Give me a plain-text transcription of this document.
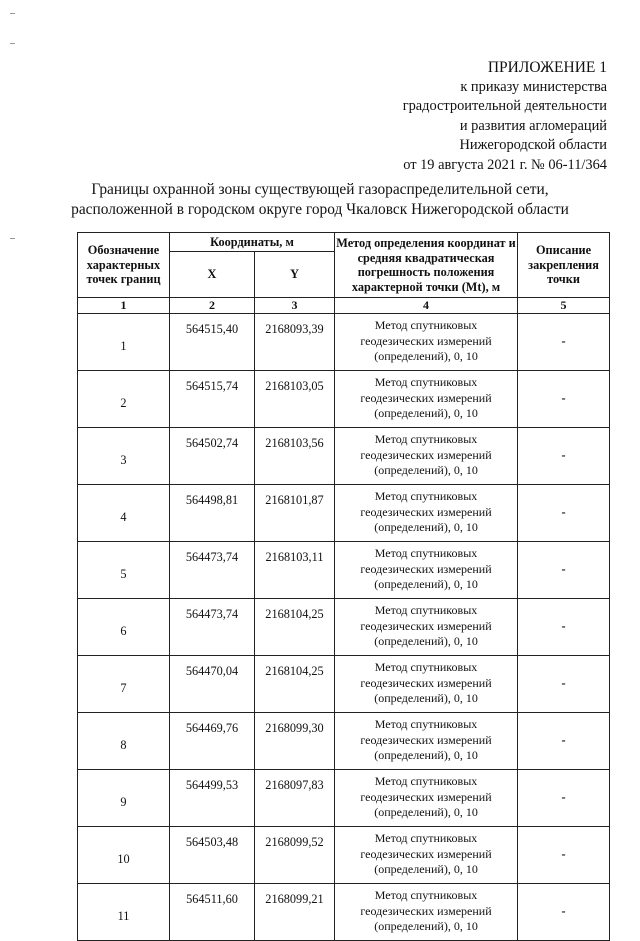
ПРИЛОЖЕНИЕ 1
к приказу министерства
градостроительной деятельности
и развития агломераций
Нижегородской области
от 19 августа 2021 г. № 06-11/364
Границы охранной зоны существующей газораспределительной сети,
расположенной в городском округе город Чкаловск Нижегородской области
Обозначение характерных точек границ	Координаты, м		Метод определения координат и средняя квадратическая погрешность положения характерной точки (Mt), м	Описание закрепления точки
	X	Y		
1	2	3	4	5
1	564515,40	2168093,39	Метод спутниковых
геодезических измерений
(определений), 0, 10	-
2	564515,74	2168103,05	Метод спутниковых
геодезических измерений
(определений), 0, 10	-
3	564502,74	2168103,56	Метод спутниковых
геодезических измерений
(определений), 0, 10	-
4	564498,81	2168101,87	Метод спутниковых
геодезических измерений
(определений), 0, 10	-
5	564473,74	2168103,11	Метод спутниковых
геодезических измерений
(определений), 0, 10	-
6	564473,74	2168104,25	Метод спутниковых
геодезических измерений
(определений), 0, 10	-
7	564470,04	2168104,25	Метод спутниковых
геодезических измерений
(определений), 0, 10	-
8	564469,76	2168099,30	Метод спутниковых
геодезических измерений
(определений), 0, 10	-
9	564499,53	2168097,83	Метод спутниковых
геодезических измерений
(определений), 0, 10	-
10	564503,48	2168099,52	Метод спутниковых
геодезических измерений
(определений), 0, 10	-
11	564511,60	2168099,21	Метод спутниковых
геодезических измерений
(определений), 0, 10	-
